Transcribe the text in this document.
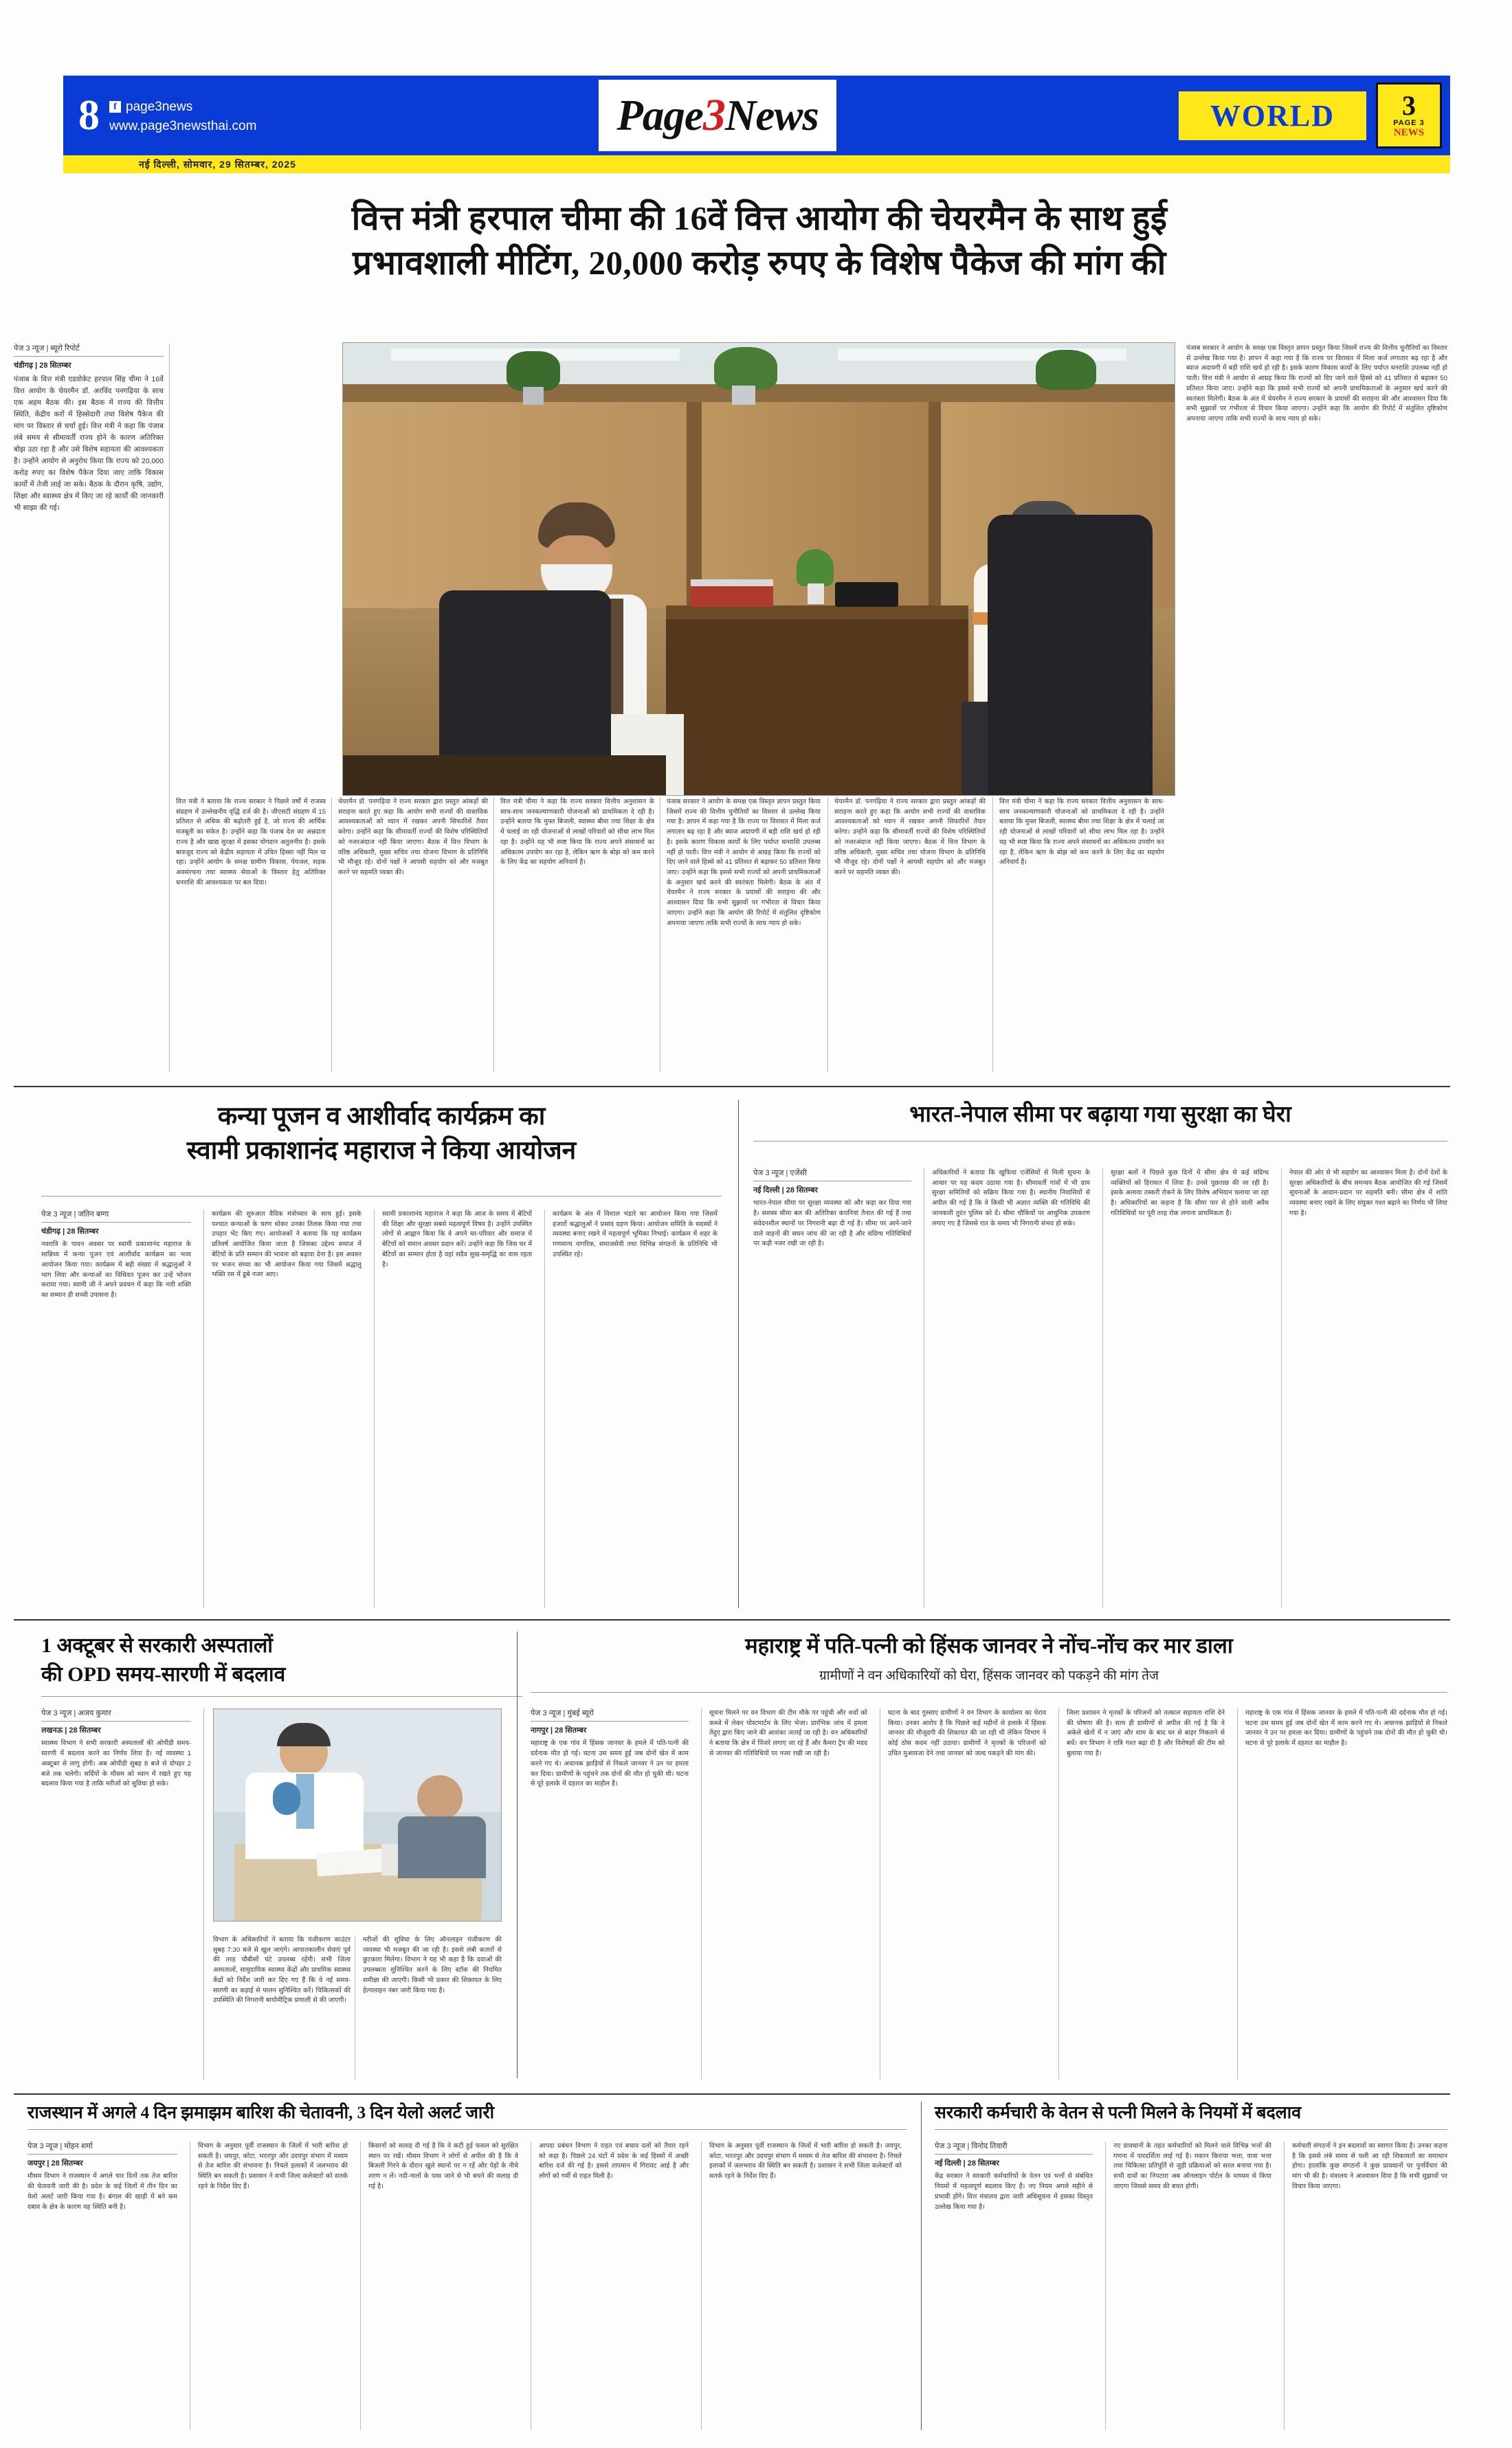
8	f page3news
www.page3newsthai.com	Page3News	WORLD	3
PAGE 3
NEWS
नई दिल्ली, सोमवार, 29 सितम्बर, 2025
वित्त मंत्री हरपाल चीमा की 16वें वित्त आयोग की चेयरमैन के साथ हुई
प्रभावशाली मीटिंग, 20,000 करोड़ रुपए के विशेष पैकेज की मांग की
पेज 3 न्यूज | ब्यूरो रिपोर्ट
चंडीगढ़ | 28 सितम्बर
पंजाब के वित्त मंत्री एडवोकेट हरपाल सिंह चीमा ने 16वें वित्त आयोग के चेयरमैन डॉ. अरविंद पनगढ़िया के साथ एक अहम बैठक की। इस बैठक में राज्य की वित्तीय स्थिति, केंद्रीय करों में हिस्सेदारी तथा विशेष पैकेज की मांग पर विस्तार से चर्चा हुई। वित्त मंत्री ने कहा कि पंजाब लंबे समय से सीमावर्ती राज्य होने के कारण अतिरिक्त बोझ उठा रहा है और उसे विशेष सहायता की आवश्यकता है। उन्होंने आयोग से अनुरोध किया कि राज्य को 20,000 करोड़ रुपए का विशेष पैकेज दिया जाए ताकि विकास कार्यों में तेजी लाई जा सके। बैठक के दौरान कृषि, उद्योग, शिक्षा और स्वास्थ्य क्षेत्र में किए जा रहे कार्यों की जानकारी भी साझा की गई।
वित्त मंत्री ने बताया कि राज्य सरकार ने पिछले वर्षों में राजस्व संग्रहण में उल्लेखनीय वृद्धि दर्ज की है। जीएसटी संग्रहण में 15 प्रतिशत से अधिक की बढ़ोतरी हुई है, जो राज्य की आर्थिक मजबूती का संकेत है। उन्होंने कहा कि पंजाब देश का अन्नदाता राज्य है और खाद्य सुरक्षा में इसका योगदान अतुलनीय है। इसके बावजूद राज्य को केंद्रीय सहायता में उचित हिस्सा नहीं मिल पा रहा। उन्होंने आयोग के समक्ष ग्रामीण विकास, पेयजल, सड़क अवसंरचना तथा स्वास्थ्य सेवाओं के विस्तार हेतु अतिरिक्त धनराशि की आवश्यकता पर बल दिया।
चेयरमैन डॉ. पनगढ़िया ने राज्य सरकार द्वारा प्रस्तुत आंकड़ों की सराहना करते हुए कहा कि आयोग सभी राज्यों की वास्तविक आवश्यकताओं को ध्यान में रखकर अपनी सिफारिशें तैयार करेगा। उन्होंने कहा कि सीमावर्ती राज्यों की विशेष परिस्थितियों को नजरअंदाज नहीं किया जाएगा। बैठक में वित्त विभाग के वरिष्ठ अधिकारी, मुख्य सचिव तथा योजना विभाग के प्रतिनिधि भी मौजूद रहे। दोनों पक्षों ने आपसी सहयोग को और मजबूत करने पर सहमति व्यक्त की।
वित्त मंत्री चीमा ने कहा कि राज्य सरकार वित्तीय अनुशासन के साथ-साथ जनकल्याणकारी योजनाओं को प्राथमिकता दे रही है। उन्होंने बताया कि मुफ्त बिजली, स्वास्थ्य बीमा तथा शिक्षा के क्षेत्र में चलाई जा रही योजनाओं से लाखों परिवारों को सीधा लाभ मिल रहा है। उन्होंने यह भी स्पष्ट किया कि राज्य अपने संसाधनों का अधिकतम उपयोग कर रहा है, लेकिन ऋण के बोझ को कम करने के लिए केंद्र का सहयोग अनिवार्य है।
पंजाब सरकार ने आयोग के समक्ष एक विस्तृत ज्ञापन प्रस्तुत किया जिसमें राज्य की वित्तीय चुनौतियों का विस्तार से उल्लेख किया गया है। ज्ञापन में कहा गया है कि राज्य पर विरासत में मिला कर्ज लगातार बढ़ रहा है और ब्याज अदायगी में बड़ी राशि खर्च हो रही है। इसके कारण विकास कार्यों के लिए पर्याप्त धनराशि उपलब्ध नहीं हो पाती। वित्त मंत्री ने आयोग से आग्रह किया कि राज्यों को दिए जाने वाले हिस्से को 41 प्रतिशत से बढ़ाकर 50 प्रतिशत किया जाए। उन्होंने कहा कि इससे सभी राज्यों को अपनी प्राथमिकताओं के अनुसार खर्च करने की स्वतंत्रता मिलेगी। बैठक के अंत में चेयरमैन ने राज्य सरकार के प्रयासों की सराहना की और आश्वासन दिया कि सभी सुझावों पर गंभीरता से विचार किया जाएगा। उन्होंने कहा कि आयोग की रिपोर्ट में संतुलित दृष्टिकोण अपनाया जाएगा ताकि सभी राज्यों के साथ न्याय हो सके।
चेयरमैन डॉ. पनगढ़िया ने राज्य सरकार द्वारा प्रस्तुत आंकड़ों की सराहना करते हुए कहा कि आयोग सभी राज्यों की वास्तविक आवश्यकताओं को ध्यान में रखकर अपनी सिफारिशें तैयार करेगा। उन्होंने कहा कि सीमावर्ती राज्यों की विशेष परिस्थितियों को नजरअंदाज नहीं किया जाएगा। बैठक में वित्त विभाग के वरिष्ठ अधिकारी, मुख्य सचिव तथा योजना विभाग के प्रतिनिधि भी मौजूद रहे। दोनों पक्षों ने आपसी सहयोग को और मजबूत करने पर सहमति व्यक्त की।
वित्त मंत्री चीमा ने कहा कि राज्य सरकार वित्तीय अनुशासन के साथ-साथ जनकल्याणकारी योजनाओं को प्राथमिकता दे रही है। उन्होंने बताया कि मुफ्त बिजली, स्वास्थ्य बीमा तथा शिक्षा के क्षेत्र में चलाई जा रही योजनाओं से लाखों परिवारों को सीधा लाभ मिल रहा है। उन्होंने यह भी स्पष्ट किया कि राज्य अपने संसाधनों का अधिकतम उपयोग कर रहा है, लेकिन ऋण के बोझ को कम करने के लिए केंद्र का सहयोग अनिवार्य है।
पंजाब सरकार ने आयोग के समक्ष एक विस्तृत ज्ञापन प्रस्तुत किया जिसमें राज्य की वित्तीय चुनौतियों का विस्तार से उल्लेख किया गया है। ज्ञापन में कहा गया है कि राज्य पर विरासत में मिला कर्ज लगातार बढ़ रहा है और ब्याज अदायगी में बड़ी राशि खर्च हो रही है। इसके कारण विकास कार्यों के लिए पर्याप्त धनराशि उपलब्ध नहीं हो पाती। वित्त मंत्री ने आयोग से आग्रह किया कि राज्यों को दिए जाने वाले हिस्से को 41 प्रतिशत से बढ़ाकर 50 प्रतिशत किया जाए। उन्होंने कहा कि इससे सभी राज्यों को अपनी प्राथमिकताओं के अनुसार खर्च करने की स्वतंत्रता मिलेगी। बैठक के अंत में चेयरमैन ने राज्य सरकार के प्रयासों की सराहना की और आश्वासन दिया कि सभी सुझावों पर गंभीरता से विचार किया जाएगा। उन्होंने कहा कि आयोग की रिपोर्ट में संतुलित दृष्टिकोण अपनाया जाएगा ताकि सभी राज्यों के साथ न्याय हो सके।
कन्या पूजन व आशीर्वाद कार्यक्रम का
स्वामी प्रकाशानंद महाराज ने किया आयोजन
पेज 3 न्यूज | जतिन बग्गा
चंडीगढ़ | 28 सितम्बर
नवरात्रि के पावन अवसर पर स्वामी प्रकाशानंद महाराज के सान्निध्य में कन्या पूजन एवं आशीर्वाद कार्यक्रम का भव्य आयोजन किया गया। कार्यक्रम में बड़ी संख्या में श्रद्धालुओं ने भाग लिया और कन्याओं का विधिवत पूजन कर उन्हें भोजन कराया गया। स्वामी जी ने अपने प्रवचन में कहा कि नारी शक्ति का सम्मान ही सच्ची उपासना है।
कार्यक्रम की शुरुआत वैदिक मंत्रोच्चार के साथ हुई। इसके पश्चात कन्याओं के चरण धोकर उनका तिलक किया गया तथा उपहार भेंट किए गए। आयोजकों ने बताया कि यह कार्यक्रम प्रतिवर्ष आयोजित किया जाता है जिसका उद्देश्य समाज में बेटियों के प्रति सम्मान की भावना को बढ़ावा देना है। इस अवसर पर भजन संध्या का भी आयोजन किया गया जिसमें श्रद्धालु भक्ति रस में डूबे नजर आए।
स्वामी प्रकाशानंद महाराज ने कहा कि आज के समय में बेटियों की शिक्षा और सुरक्षा सबसे महत्वपूर्ण विषय है। उन्होंने उपस्थित लोगों से आह्वान किया कि वे अपने घर-परिवार और समाज में बेटियों को समान अवसर प्रदान करें। उन्होंने कहा कि जिस घर में बेटियों का सम्मान होता है वहां सदैव सुख-समृद्धि का वास रहता है।
कार्यक्रम के अंत में विशाल भंडारे का आयोजन किया गया जिसमें हजारों श्रद्धालुओं ने प्रसाद ग्रहण किया। आयोजन समिति के सदस्यों ने व्यवस्था बनाए रखने में महत्वपूर्ण भूमिका निभाई। कार्यक्रम में शहर के गणमान्य नागरिक, समाजसेवी तथा विभिन्न संगठनों के प्रतिनिधि भी उपस्थित रहे।
भारत-नेपाल सीमा पर बढ़ाया गया सुरक्षा का घेरा
पेज 3 न्यूज | एजेंसी
नई दिल्ली | 28 सितम्बर
भारत-नेपाल सीमा पर सुरक्षा व्यवस्था को और कड़ा कर दिया गया है। सशस्त्र सीमा बल की अतिरिक्त कंपनियां तैनात की गई हैं तथा संवेदनशील स्थानों पर निगरानी बढ़ा दी गई है। सीमा पर आने-जाने वाले वाहनों की सघन जांच की जा रही है और संदिग्ध गतिविधियों पर कड़ी नजर रखी जा रही है।
अधिकारियों ने बताया कि खुफिया एजेंसियों से मिली सूचना के आधार पर यह कदम उठाया गया है। सीमावर्ती गांवों में भी ग्राम सुरक्षा समितियों को सक्रिय किया गया है। स्थानीय निवासियों से अपील की गई है कि वे किसी भी अज्ञात व्यक्ति की गतिविधि की जानकारी तुरंत पुलिस को दें। सीमा चौकियों पर आधुनिक उपकरण लगाए गए हैं जिससे रात के समय भी निगरानी संभव हो सके।
सुरक्षा बलों ने पिछले कुछ दिनों में सीमा क्षेत्र से कई संदिग्ध व्यक्तियों को हिरासत में लिया है। उनसे पूछताछ की जा रही है। इसके अलावा तस्करी रोकने के लिए विशेष अभियान चलाया जा रहा है। अधिकारियों का कहना है कि सीमा पार से होने वाली अवैध गतिविधियों पर पूरी तरह रोक लगाना प्राथमिकता है।
नेपाल की ओर से भी सहयोग का आश्वासन मिला है। दोनों देशों के सुरक्षा अधिकारियों के बीच समन्वय बैठक आयोजित की गई जिसमें सूचनाओं के आदान-प्रदान पर सहमति बनी। सीमा क्षेत्र में शांति व्यवस्था बनाए रखने के लिए संयुक्त गश्त बढ़ाने का निर्णय भी लिया गया है।
1 अक्टूबर से सरकारी अस्पतालों
की OPD समय-सारणी में बदलाव
पेज 3 न्यूज | अजय कुमार
लखनऊ | 28 सितम्बर
स्वास्थ्य विभाग ने सभी सरकारी अस्पतालों की ओपीडी समय-सारणी में बदलाव करने का निर्णय लिया है। नई व्यवस्था 1 अक्टूबर से लागू होगी। अब ओपीडी सुबह 8 बजे से दोपहर 2 बजे तक चलेगी। सर्दियों के मौसम को ध्यान में रखते हुए यह बदलाव किया गया है ताकि मरीजों को सुविधा हो सके।
विभाग के अधिकारियों ने बताया कि पंजीकरण काउंटर सुबह 7:30 बजे से खुल जाएंगे। आपातकालीन सेवाएं पूर्व की तरह चौबीसों घंटे उपलब्ध रहेंगी। सभी जिला अस्पतालों, सामुदायिक स्वास्थ्य केंद्रों और प्राथमिक स्वास्थ्य केंद्रों को निर्देश जारी कर दिए गए हैं कि वे नई समय-सारणी का कड़ाई से पालन सुनिश्चित करें। चिकित्सकों की उपस्थिति की निगरानी बायोमीट्रिक प्रणाली से की जाएगी।
मरीजों की सुविधा के लिए ऑनलाइन पंजीकरण की व्यवस्था भी मजबूत की जा रही है। इससे लंबी कतारों से छुटकारा मिलेगा। विभाग ने यह भी कहा है कि दवाओं की उपलब्धता सुनिश्चित करने के लिए स्टॉक की नियमित समीक्षा की जाएगी। किसी भी प्रकार की शिकायत के लिए हेल्पलाइन नंबर जारी किया गया है।
महाराष्ट्र में पति-पत्नी को हिंसक जानवर ने नोंच-नोंच कर मार डाला
ग्रामीणों ने वन अधिकारियों को घेरा, हिंसक जानवर को पकड़ने की मांग तेज
पेज 3 न्यूज | मुंबई ब्यूरो
नागपुर | 28 सितम्बर
महाराष्ट्र के एक गांव में हिंसक जानवर के हमले में पति-पत्नी की दर्दनाक मौत हो गई। घटना उस समय हुई जब दोनों खेत में काम करने गए थे। अचानक झाड़ियों से निकले जानवर ने उन पर हमला कर दिया। ग्रामीणों के पहुंचने तक दोनों की मौत हो चुकी थी। घटना से पूरे इलाके में दहशत का माहौल है।
सूचना मिलने पर वन विभाग की टीम मौके पर पहुंची और शवों को कब्जे में लेकर पोस्टमार्टम के लिए भेजा। प्रारंभिक जांच में हमला तेंदुए द्वारा किए जाने की आशंका जताई जा रही है। वन अधिकारियों ने बताया कि क्षेत्र में पिंजरे लगाए जा रहे हैं और कैमरा ट्रैप की मदद से जानवर की गतिविधियों पर नजर रखी जा रही है।
घटना के बाद गुस्साए ग्रामीणों ने वन विभाग के कार्यालय का घेराव किया। उनका आरोप है कि पिछले कई महीनों से इलाके में हिंसक जानवर की मौजूदगी की शिकायत की जा रही थी लेकिन विभाग ने कोई ठोस कदम नहीं उठाया। ग्रामीणों ने मृतकों के परिजनों को उचित मुआवजा देने तथा जानवर को जल्द पकड़ने की मांग की।
जिला प्रशासन ने मृतकों के परिजनों को तत्काल सहायता राशि देने की घोषणा की है। साथ ही ग्रामीणों से अपील की गई है कि वे अकेले खेतों में न जाएं और शाम के बाद घर से बाहर निकलने से बचें। वन विभाग ने रात्रि गश्त बढ़ा दी है और विशेषज्ञों की टीम को बुलाया गया है।
महाराष्ट्र के एक गांव में हिंसक जानवर के हमले में पति-पत्नी की दर्दनाक मौत हो गई। घटना उस समय हुई जब दोनों खेत में काम करने गए थे। अचानक झाड़ियों से निकले जानवर ने उन पर हमला कर दिया। ग्रामीणों के पहुंचने तक दोनों की मौत हो चुकी थी। घटना से पूरे इलाके में दहशत का माहौल है।
राजस्थान में अगले 4 दिन झमाझम बारिश की चेतावनी, 3 दिन येलो अलर्ट जारी
पेज 3 न्यूज | मोहन शर्मा
जयपुर | 28 सितम्बर
मौसम विभाग ने राजस्थान में अगले चार दिनों तक तेज बारिश की चेतावनी जारी की है। प्रदेश के कई जिलों में तीन दिन का येलो अलर्ट जारी किया गया है। बंगाल की खाड़ी में बने कम दबाव के क्षेत्र के कारण यह स्थिति बनी है।
विभाग के अनुसार पूर्वी राजस्थान के जिलों में भारी बारिश हो सकती है। जयपुर, कोटा, भरतपुर और उदयपुर संभाग में मध्यम से तेज बारिश की संभावना है। निचले इलाकों में जलभराव की स्थिति बन सकती है। प्रशासन ने सभी जिला कलेक्टरों को सतर्क रहने के निर्देश दिए हैं।
किसानों को सलाह दी गई है कि वे कटी हुई फसल को सुरक्षित स्थान पर रखें। मौसम विभाग ने लोगों से अपील की है कि वे बिजली गिरने के दौरान खुले स्थानों पर न रहें और पेड़ों के नीचे शरण न लें। नदी-नालों के पास जाने से भी बचने की सलाह दी गई है।
आपदा प्रबंधन विभाग ने राहत एवं बचाव दलों को तैयार रहने को कहा है। पिछले 24 घंटों में प्रदेश के कई हिस्सों में अच्छी बारिश दर्ज की गई है। इससे तापमान में गिरावट आई है और लोगों को गर्मी से राहत मिली है।
विभाग के अनुसार पूर्वी राजस्थान के जिलों में भारी बारिश हो सकती है। जयपुर, कोटा, भरतपुर और उदयपुर संभाग में मध्यम से तेज बारिश की संभावना है। निचले इलाकों में जलभराव की स्थिति बन सकती है। प्रशासन ने सभी जिला कलेक्टरों को सतर्क रहने के निर्देश दिए हैं।
सरकारी कर्मचारी के वेतन से पत्नी मिलने के नियमों में बदलाव
पेज 3 न्यूज | विनोद तिवारी
नई दिल्ली | 28 सितम्बर
केंद्र सरकार ने सरकारी कर्मचारियों के वेतन एवं भत्तों से संबंधित नियमों में महत्वपूर्ण बदलाव किए हैं। नए नियम अगले महीने से प्रभावी होंगे। वित्त मंत्रालय द्वारा जारी अधिसूचना में इसका विस्तृत उल्लेख किया गया है।
नए प्रावधानों के तहत कर्मचारियों को मिलने वाले विभिन्न भत्तों की गणना में पारदर्शिता लाई गई है। मकान किराया भत्ता, यात्रा भत्ता तथा चिकित्सा प्रतिपूर्ति से जुड़ी प्रक्रियाओं को सरल बनाया गया है। सभी दावों का निपटारा अब ऑनलाइन पोर्टल के माध्यम से किया जाएगा जिससे समय की बचत होगी।
कर्मचारी संगठनों ने इन बदलावों का स्वागत किया है। उनका कहना है कि इससे लंबे समय से चली आ रही शिकायतों का समाधान होगा। हालांकि कुछ संगठनों ने कुछ प्रावधानों पर पुनर्विचार की मांग भी की है। मंत्रालय ने आश्वासन दिया है कि सभी सुझावों पर विचार किया जाएगा।
